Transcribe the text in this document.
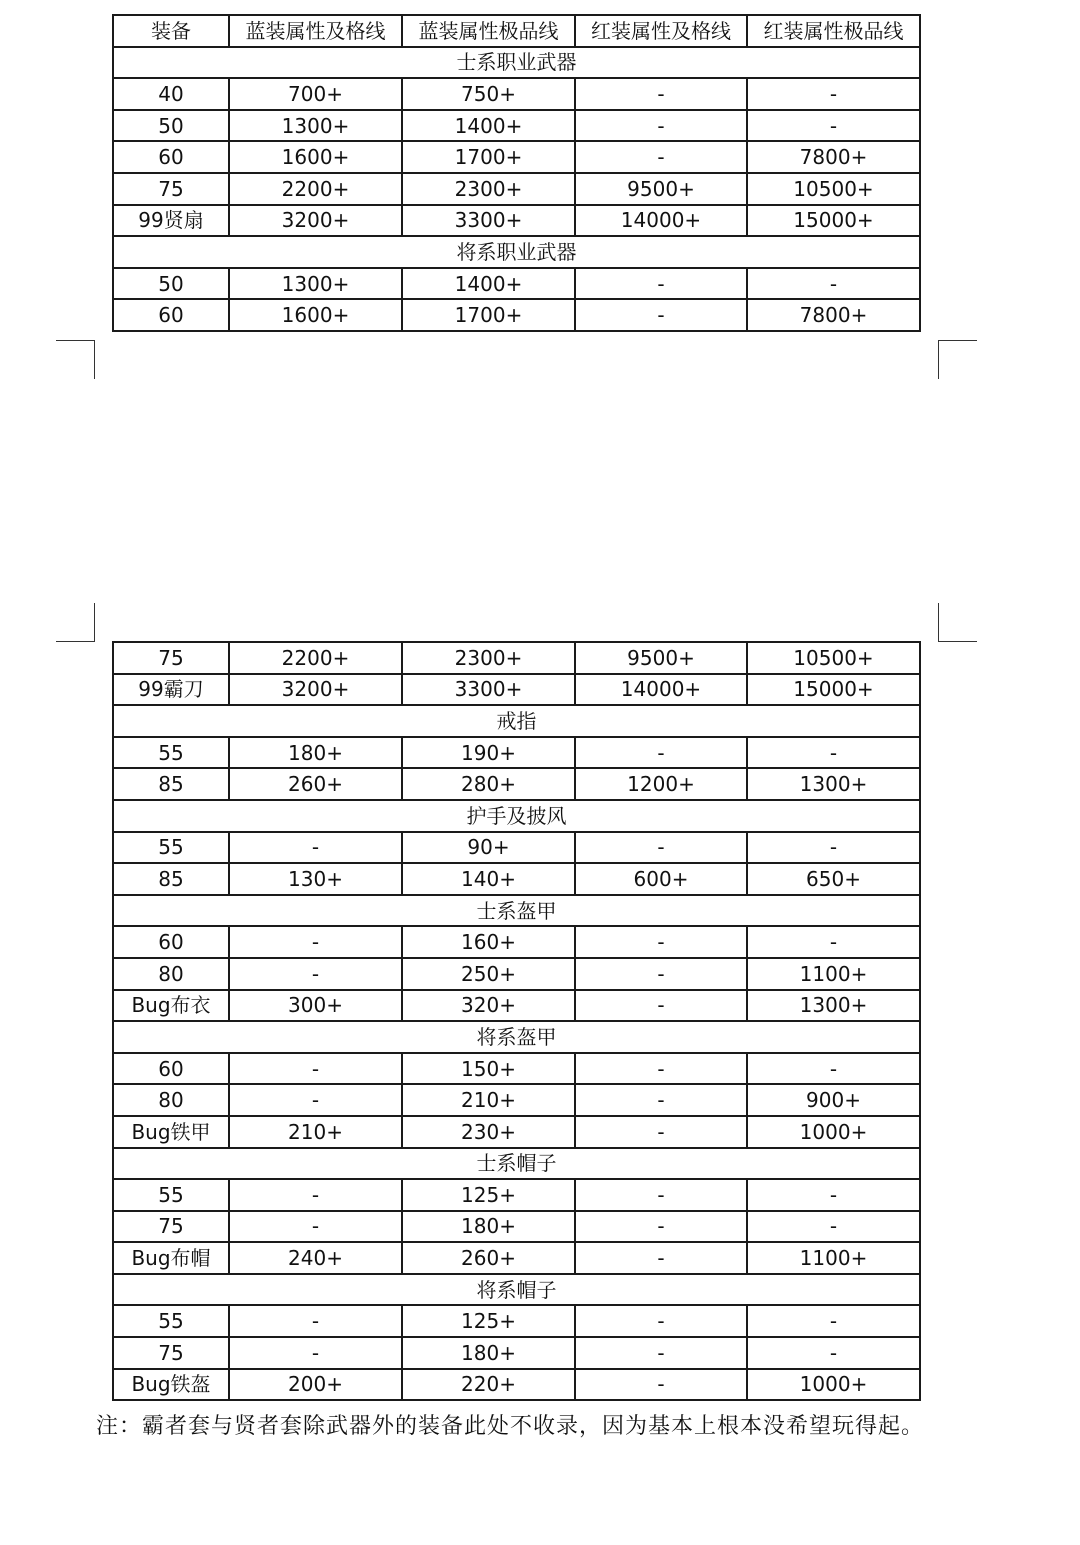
装备	蓝装属性及格线	蓝装属性极品线	红装属性及格线	红装属性极品线
士系职业武器				
40	700+	750+	-	-
50	1300+	1400+	-	-
60	1600+	1700+	-	7800+
75	2200+	2300+	9500+	10500+
99贤扇	3200+	3300+	14000+	15000+
将系职业武器				
50	1300+	1400+	-	-
60	1600+	1700+	-	7800+
75	2200+	2300+	9500+	10500+
99霸刀	3200+	3300+	14000+	15000+
戒指				
55	180+	190+	-	-
85	260+	280+	1200+	1300+
护手及披风				
55	-	90+	-	-
85	130+	140+	600+	650+
士系盔甲				
60	-	160+	-	-
80	-	250+	-	1100+
Bug布衣	300+	320+	-	1300+
将系盔甲				
60	-	150+	-	-
80	-	210+	-	900+
Bug铁甲	210+	230+	-	1000+
士系帽子				
55	-	125+	-	-
75	-	180+	-	-
Bug布帽	240+	260+	-	1100+
将系帽子				
55	-	125+	-	-
75	-	180+	-	-
Bug铁盔	200+	220+	-	1000+

注：霸者套与贤者套除武器外的装备此处不收录，因为基本上根本没希望玩得起。
